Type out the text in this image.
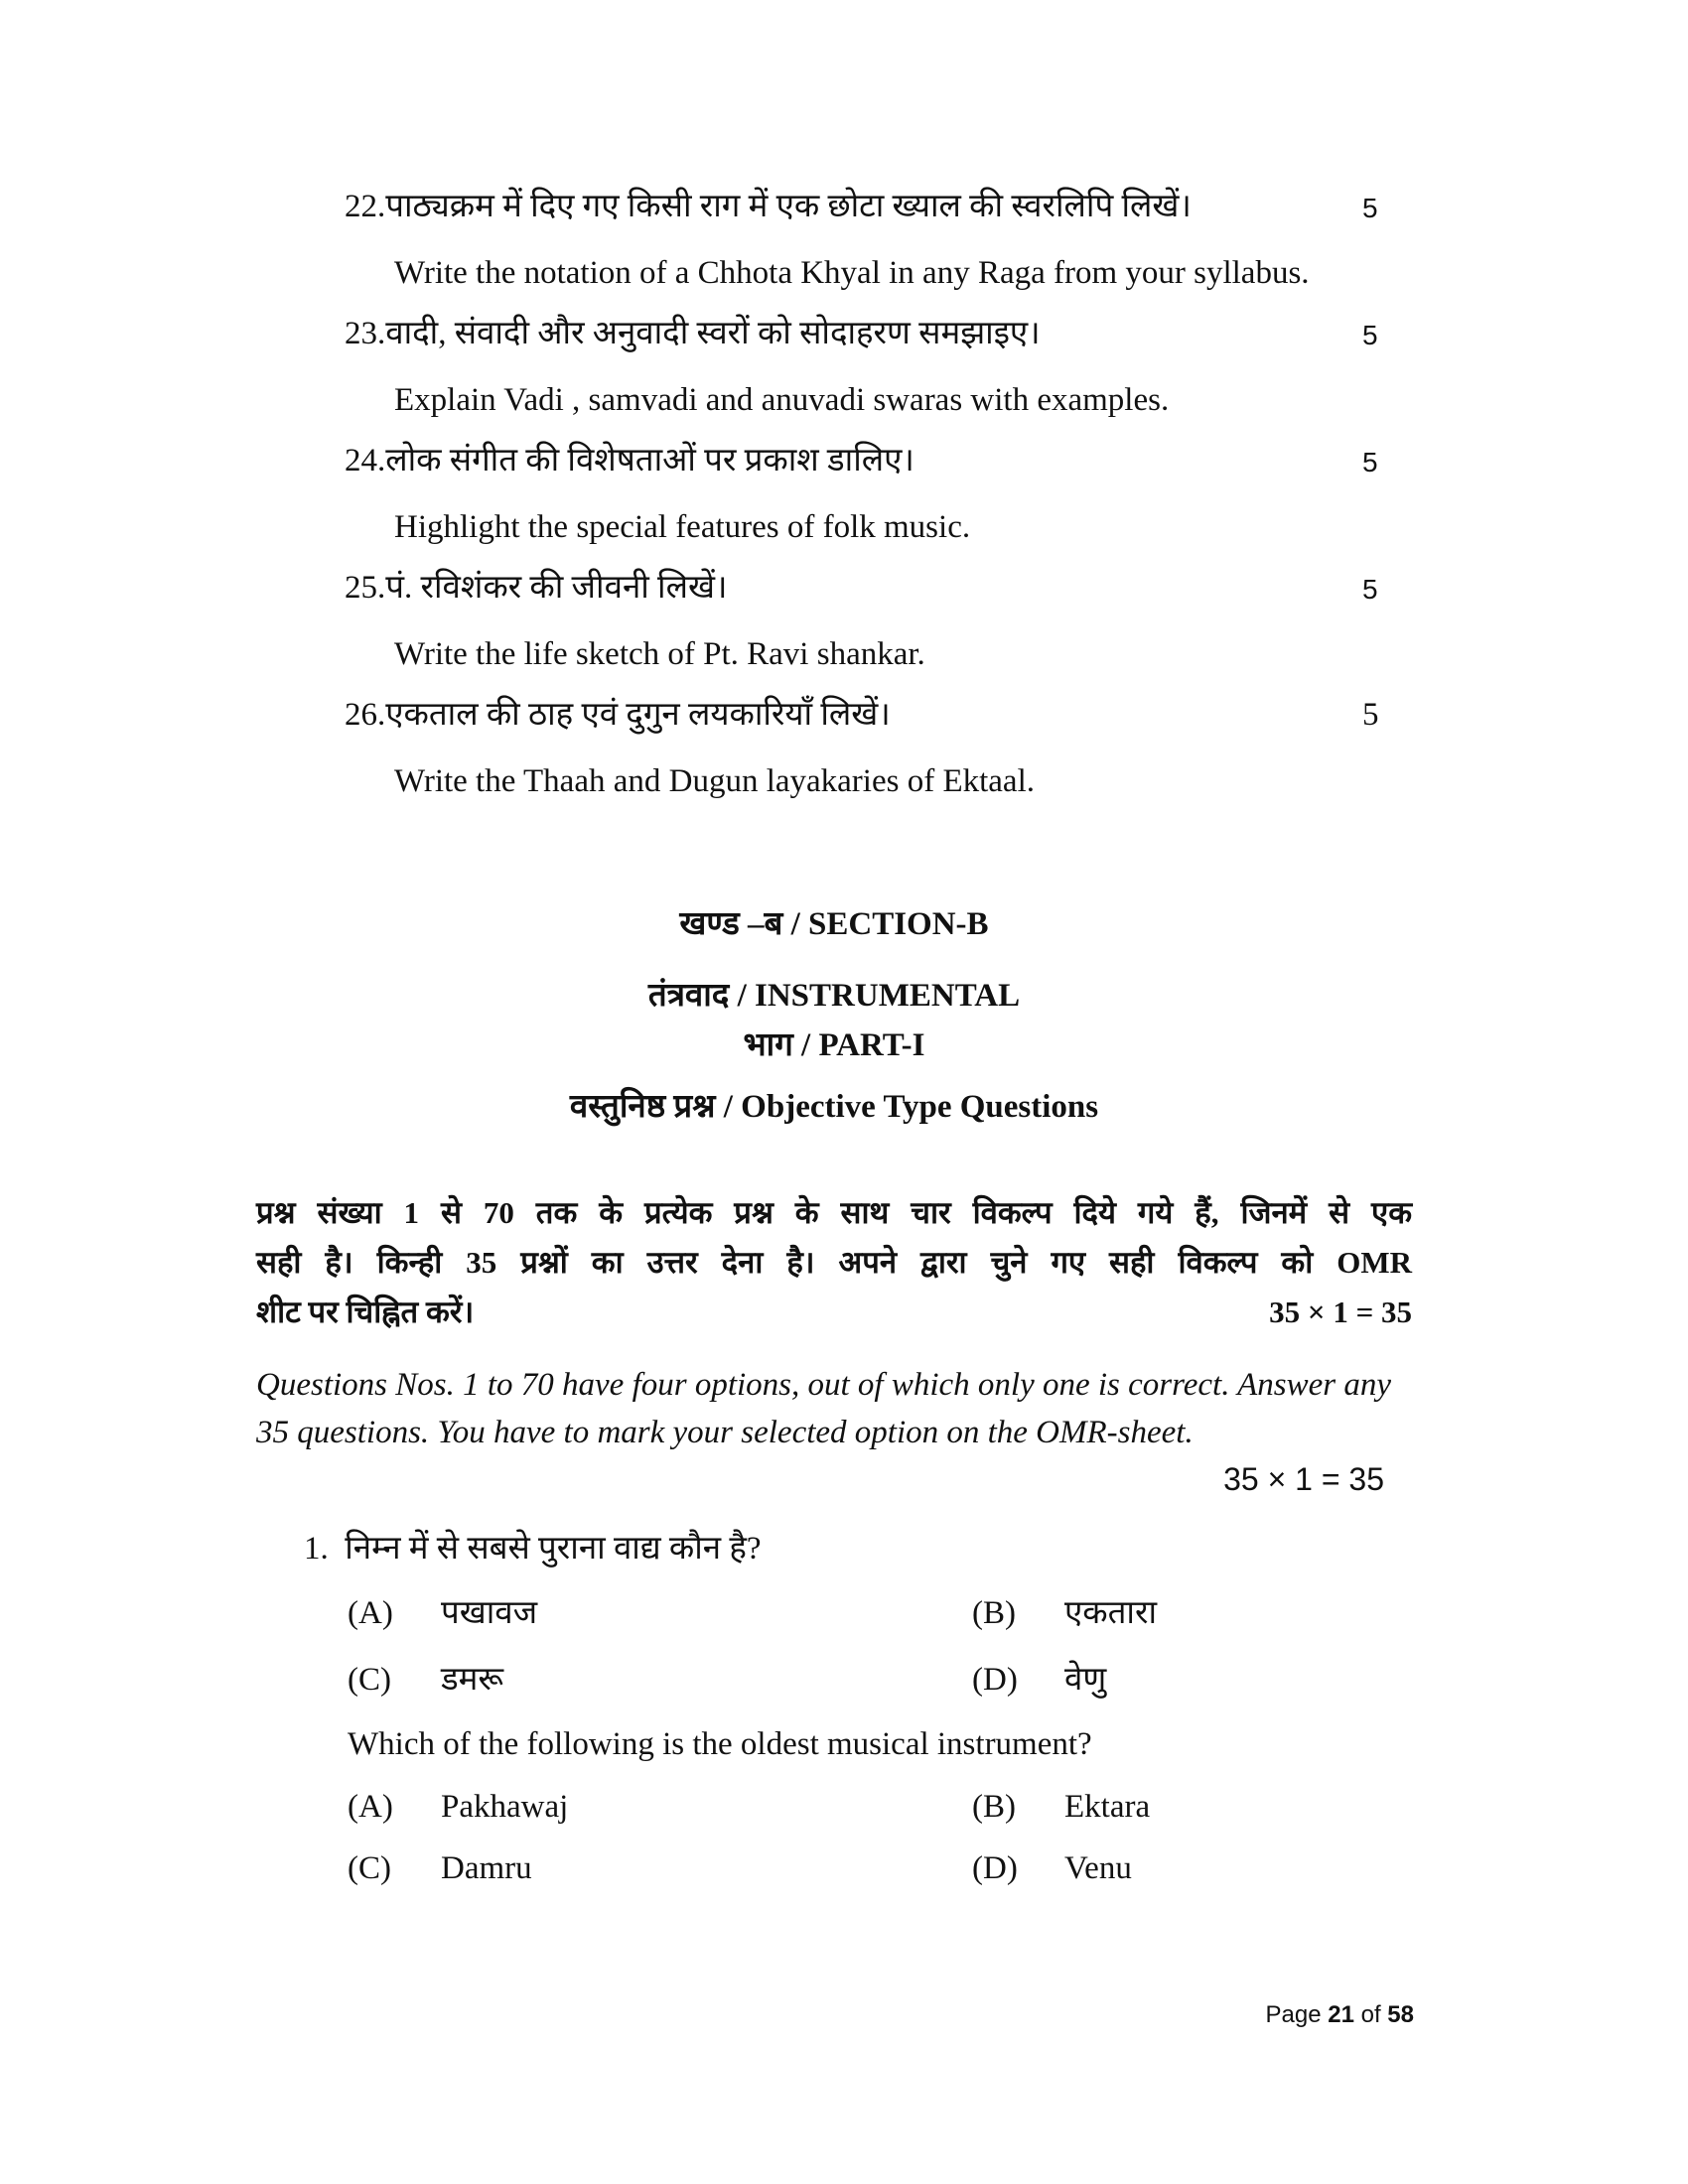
22.पाठ्यक्रम में दिए गए किसी राग में एक छोटा ख्याल की स्वरलिपि लिखें।	5
Write the notation of a Chhota Khyal in any Raga from your syllabus.
23.वादी, संवादी और अनुवादी स्वरों को सोदाहरण समझाइए।	5
Explain Vadi , samvadi and anuvadi swaras with examples.
24.लोक संगीत की विशेषताओं पर प्रकाश डालिए।	5
Highlight the special features of folk music.
25.पं. रविशंकर की जीवनी लिखें।	5
Write the life sketch of Pt. Ravi shankar.
26.एकताल की ठाह एवं दुगुन लयकारियाँ लिखें।	5
Write the Thaah and Dugun layakaries of Ektaal.
खण्ड –ब / SECTION-B
तंत्रवाद / INSTRUMENTAL
भाग / PART-I
वस्तुनिष्ठ प्रश्न / Objective Type Questions
प्रश्न संख्या 1 से 70 तक के प्रत्येक प्रश्न के साथ चार विकल्प दिये गये हैं, जिनमें से एक
सही है। किन्ही 35 प्रश्नों का उत्तर देना है। अपने द्वारा चुने गए सही विकल्प को OMR
शीट पर चिह्नित करें।	35 × 1 = 35
Questions Nos. 1 to 70 have four options, out of which only one is correct. Answer any 35 questions. You have to mark your selected option on the OMR-sheet.
35 × 1 = 35
1. निम्न में से सबसे पुराना वाद्य कौन है?
(A) पखावज	(B) एकतारा
(C) डमरू	(D) वेणु
Which of the following is the oldest musical instrument?
(A) Pakhawaj	(B) Ektara
(C) Damru	(D) Venu
Page 21 of 58
